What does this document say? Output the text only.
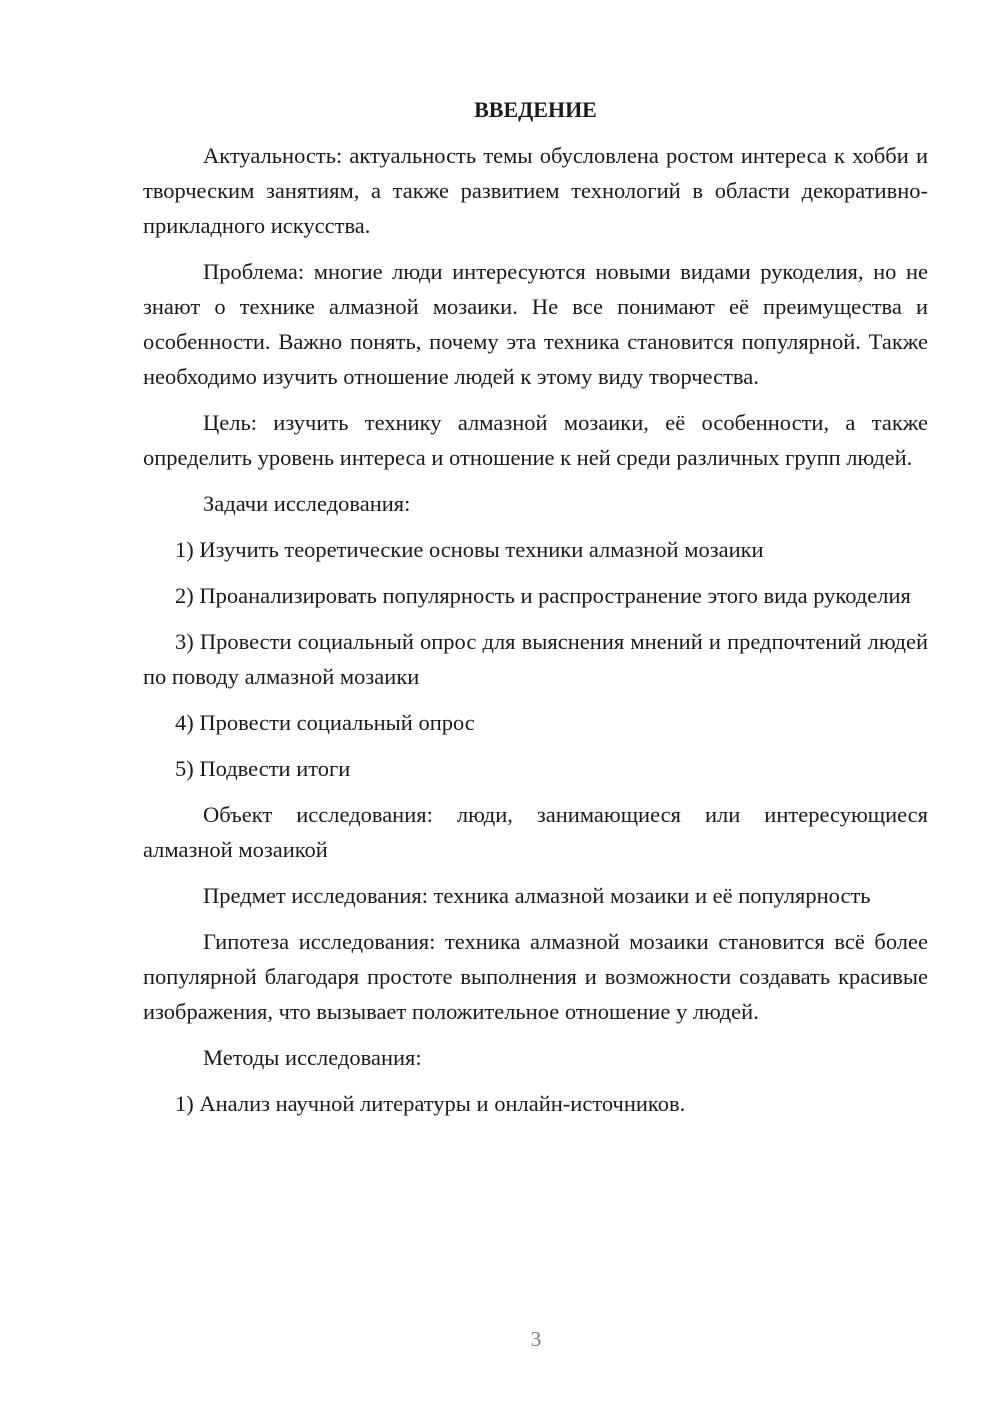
ВВЕДЕНИЕ

Актуальность: актуальность темы обусловлена ростом интереса к хобби и творческим занятиям, а также развитием технологий в области декоративно-прикладного искусства.

Проблема: многие люди интересуются новыми видами рукоделия, но не знают о технике алмазной мозаики. Не все понимают её преимущества и особенности. Важно понять, почему эта техника становится популярной. Также необходимо изучить отношение людей к этому виду творчества.

Цель: изучить технику алмазной мозаики, её особенности, а также определить уровень интереса и отношение к ней среди различных групп людей.

Задачи исследования:

1) Изучить теоретические основы техники алмазной мозаики

2) Проанализировать популярность и распространение этого вида рукоделия

3) Провести социальный опрос для выяснения мнений и предпочтений людей по поводу алмазной мозаики

4) Провести социальный опрос

5) Подвести итоги

Объект исследования: люди, занимающиеся или интересующиеся алмазной мозаикой

Предмет исследования: техника алмазной мозаики и её популярность

Гипотеза исследования: техника алмазной мозаики становится всё более популярной благодаря простоте выполнения и возможности создавать красивые изображения, что вызывает положительное отношение у людей.

Методы исследования:

1) Анализ научной литературы и онлайн-источников.

3
